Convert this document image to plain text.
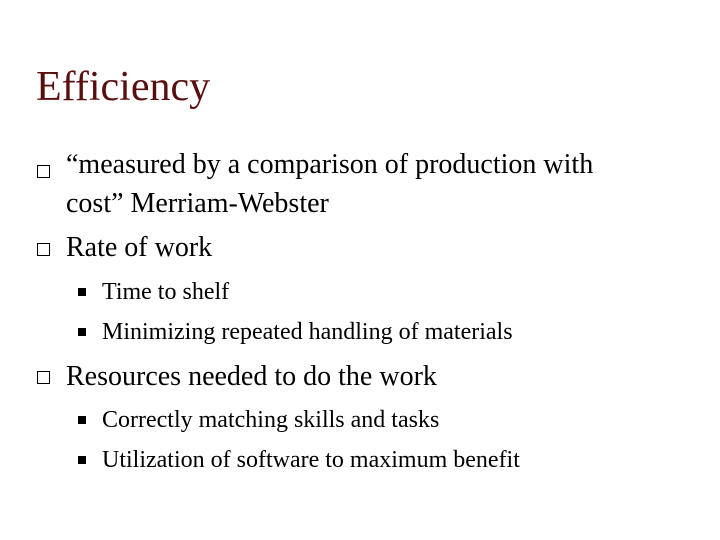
Efficiency
“measured by a comparison of production with
cost” Merriam-Webster
Rate of work
Time to shelf
Minimizing repeated handling of materials
Resources needed to do the work
Correctly matching skills and tasks
Utilization of software to maximum benefit
